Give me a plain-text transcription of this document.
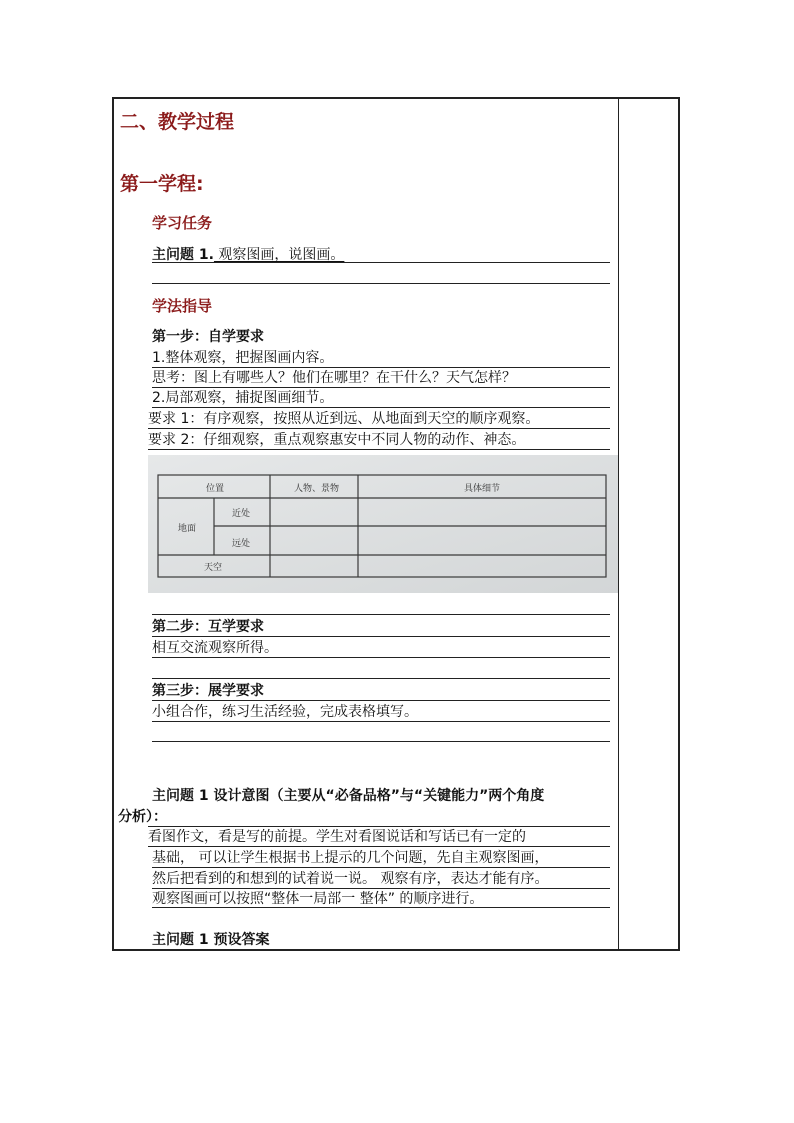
二、教学过程
第一学程:
学习任务
主问题 1. 观察图画，说图画。
学法指导
第一步：自学要求
1.整体观察，把握图画内容。
思考：图上有哪些人？他们在哪里？在干什么？天气怎样？
2.局部观察，捕捉图画细节。
要求 1：有序观察，按照从近到远、从地面到天空的顺序观察。
要求 2：仔细观察，重点观察惠安中不同人物的动作、神态。
位置	人物、景物	具体细节
地面
近处
远处
天空
第二步：互学要求
相互交流观察所得。
第三步：展学要求
小组合作，练习生活经验，完成表格填写。
主问题 1 设计意图（主要从“必备品格”与“关键能力”两个角度
分析）：
看图作文，看是写的前提。学生对看图说话和写话已有一定的
基础， 可以让学生根据书上提示的几个问题，先自主观察图画，
然后把看到的和想到的试着说一说。 观察有序，表达才能有序。
观察图画可以按照“整体一局部一 整体” 的顺序进行。
主问题 1 预设答案
